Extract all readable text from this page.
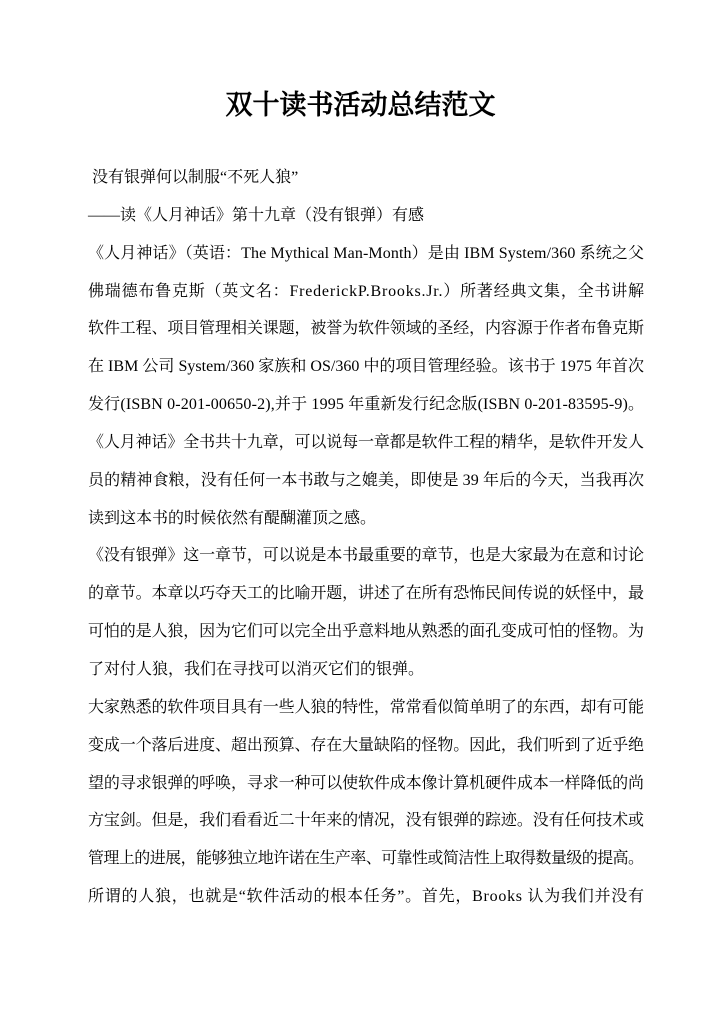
双十读书活动总结范文
没有银弹何以制服“不死人狼”
——读《人月神话》第十九章（没有银弹）有感
《人月神话》（英语：The Mythical Man-Month）是由 IBM System/360 系统之父
佛瑞德布鲁克斯（英文名：FrederickP.Brooks.Jr.）所著经典文集，全书讲解
软件工程、项目管理相关课题，被誉为软件领域的圣经，内容源于作者布鲁克斯
在 IBM 公司 System/360 家族和 OS/360 中的项目管理经验。该书于 1975 年首次
发行(ISBN 0-201-00650-2),并于 1995 年重新发行纪念版(ISBN 0-201-83595-9)。
《人月神话》全书共十九章，可以说每一章都是软件工程的精华，是软件开发人
员的精神食粮，没有任何一本书敢与之媲美，即使是 39 年后的今天，当我再次
读到这本书的时候依然有醍醐灌顶之感。
《没有银弹》这一章节，可以说是本书最重要的章节，也是大家最为在意和讨论
的章节。本章以巧夺天工的比喻开题，讲述了在所有恐怖民间传说的妖怪中，最
可怕的是人狼，因为它们可以完全出乎意料地从熟悉的面孔变成可怕的怪物。为
了对付人狼，我们在寻找可以消灭它们的银弹。
大家熟悉的软件项目具有一些人狼的特性，常常看似简单明了的东西，却有可能
变成一个落后进度、超出预算、存在大量缺陷的怪物。因此，我们听到了近乎绝
望的寻求银弹的呼唤，寻求一种可以使软件成本像计算机硬件成本一样降低的尚
方宝剑。但是，我们看看近二十年来的情况，没有银弹的踪迹。没有任何技术或
管理上的进展，能够独立地许诺在生产率、可靠性或简洁性上取得数量级的提高。
所谓的人狼，也就是“软件活动的根本任务”。首先，Brooks 认为我们并没有
